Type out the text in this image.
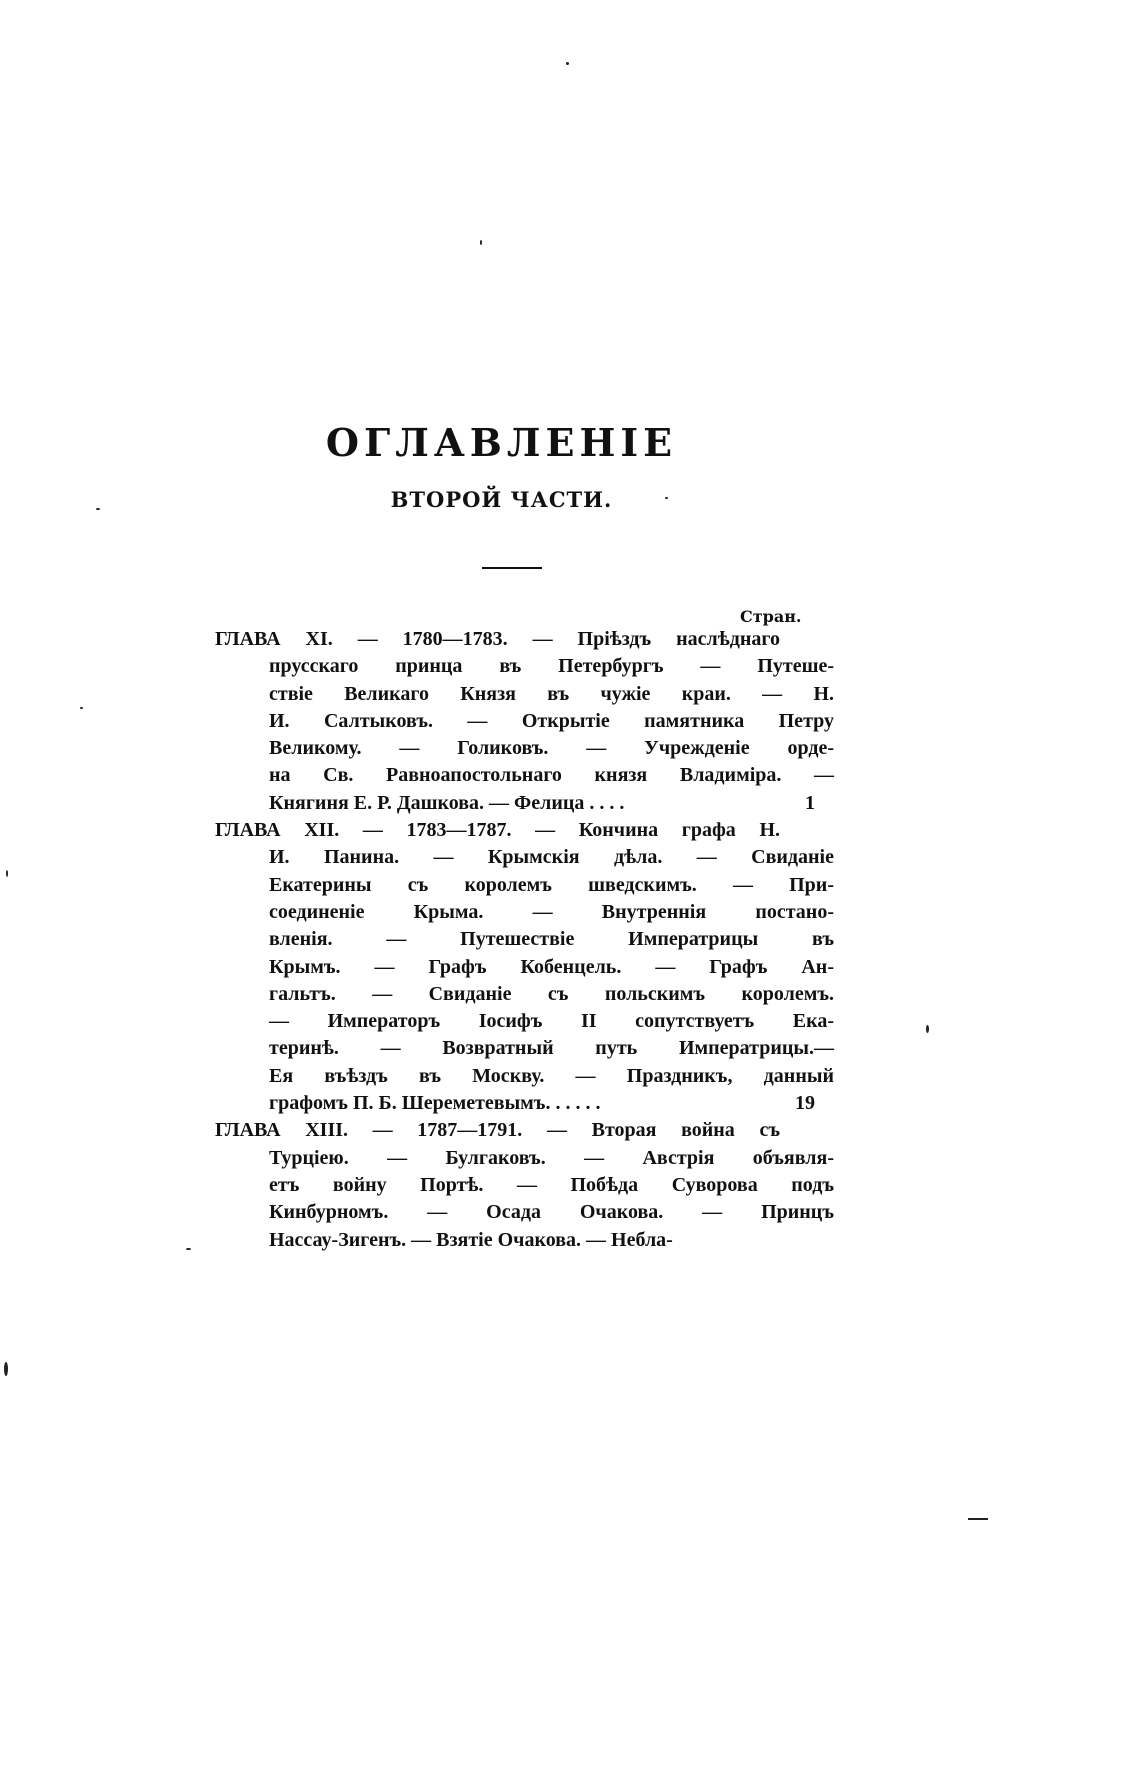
ОГЛАВЛЕНІЕ
ВТОРОЙ ЧАСТИ.
Стран.
ГЛАВА XI. — 1780—1783. — Пріѣздъ наслѣднаго
прусскаго принца въ Петербургъ — Путеше-
ствіе Великаго Князя въ чужіе краи. — Н.
И. Салтыковъ. — Открытіе памятника Петру
Великому. — Голиковъ. — Учрежденіе орде-
на Св. Равноапостольнаго князя Владиміра. —
Княгиня Е. Р. Дашкова. — Фелица . . . .	1
ГЛАВА XII. — 1783—1787. — Кончина графа Н.
И. Панина. — Крымскія дѣла. — Свиданіе
Екатерины съ королемъ шведскимъ. — При-
соединеніе Крыма. — Внутреннія постано-
вленія. — Путешествіе Императрицы въ
Крымъ. — Графъ Кобенцель. — Графъ Ан-
гальтъ. — Свиданіе съ польскимъ королемъ.
— Императоръ Іосифъ II сопутствуетъ Ека-
теринѣ. — Возвратный путь Императрицы.—
Ея въѣздъ въ Москву. — Праздникъ, данный
графомъ П. Б. Шереметевымъ. . . . . .	19
ГЛАВА XIII. — 1787—1791. — Вторая война съ
Турціею. — Булгаковъ. — Австрія объявля-
етъ войну Портѣ. — Побѣда Суворова подъ
Кинбурномъ. — Осада Очакова. — Принцъ
Нассау-Зигенъ. — Взятіе Очакова. — Небла-
